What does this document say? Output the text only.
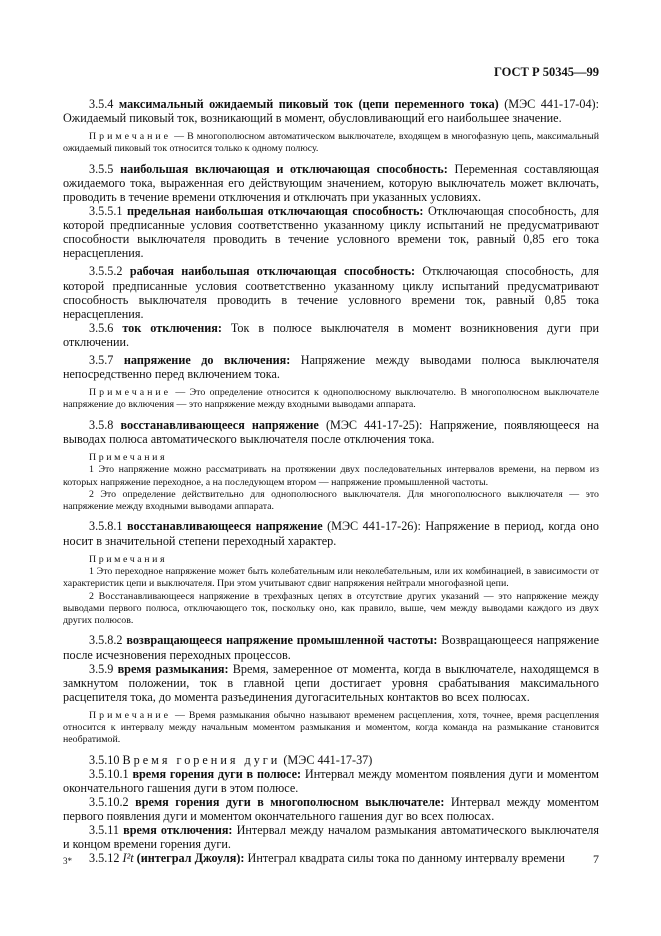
ГОСТ Р 50345—99

3.5.4 максимальный ожидаемый пиковый ток (цепи переменного тока) (МЭС 441-17-04): Ожидаемый пиковый ток, возникающий в момент, обусловливающий его наибольшее значение.

Примечание — В многополюсном автоматическом выключателе, входящем в многофазную цепь, максимальный ожидаемый пиковый ток относится только к одному полюсу.

3.5.5 наибольшая включающая и отключающая способность: Переменная составляющая ожидаемого тока, выраженная его действующим значением, которую выключатель может включать, проводить в течение времени отключения и отключать при указанных условиях.

3.5.5.1 предельная наибольшая отключающая способность: Отключающая способность, для которой предписанные условия соответственно указанному циклу испытаний не предусматривают способности выключателя проводить в течение условного времени ток, равный 0,85 его тока нерасцепления.

3.5.5.2 рабочая наибольшая отключающая способность: Отключающая способность, для которой предписанные условия соответственно указанному циклу испытаний предусматривают способность выключателя проводить в течение условного времени ток, равный 0,85 тока нерасцепления.

3.5.6 ток отключения: Ток в полюсе выключателя в момент возникновения дуги при отключении.

3.5.7 напряжение до включения: Напряжение между выводами полюса выключателя непосредственно перед включением тока.

Примечание — Это определение относится к однополюсному выключателю. В многополюсном выключателе напряжение до включения — это напряжение между входными выводами аппарата.

3.5.8 восстанавливающееся напряжение (МЭС 441-17-25): Напряжение, появляющееся на выводах полюса автоматического выключателя после отключения тока.

Примечания

1 Это напряжение можно рассматривать на протяжении двух последовательных интервалов времени, на первом из которых напряжение переходное, а на последующем втором — напряжение промышленной частоты.

2 Это определение действительно для однополюсного выключателя. Для многополюсного выключателя — это напряжение между входными выводами аппарата.

3.5.8.1 восстанавливающееся напряжение (МЭС 441-17-26): Напряжение в период, когда оно носит в значительной степени переходный характер.

Примечания

1 Это переходное напряжение может быть колебательным или неколебательным, или их комбинацией, в зависимости от характеристик цепи и выключателя. При этом учитывают сдвиг напряжения нейтрали многофазной цепи.

2 Восстанавливающееся напряжение в трехфазных цепях в отсутствие других указаний — это напряжение между выводами первого полюса, отключающего ток, поскольку оно, как правило, выше, чем между выводами каждого из двух других полюсов.

3.5.8.2 возвращающееся напряжение промышленной частоты: Возвращающееся напряжение после исчезновения переходных процессов.

3.5.9 время размыкания: Время, замеренное от момента, когда в выключателе, находящемся в замкнутом положении, ток в главной цепи достигает уровня срабатывания максимального расцепителя тока, до момента разъединения дугогасительных контактов во всех полюсах.

Примечание — Время размыкания обычно называют временем расцепления, хотя, точнее, время расцепления относится к интервалу между начальным моментом размыкания и моментом, когда команда на размыкание становится необратимой.

3.5.10 Время горения дуги (МЭС 441-17-37)

3.5.10.1 время горения дуги в полюсе: Интервал между моментом появления дуги и моментом окончательного гашения дуги в этом полюсе.

3.5.10.2 время горения дуги в многополюсном выключателе: Интервал между моментом первого появления дуги и моментом окончательного гашения дуг во всех полюсах.

3.5.11 время отключения: Интервал между началом размыкания автоматического выключателя и концом времени горения дуги.

3.5.12 I²t (интеграл Джоуля): Интеграл квадрата силы тока по данному интервалу времени

3*	7
